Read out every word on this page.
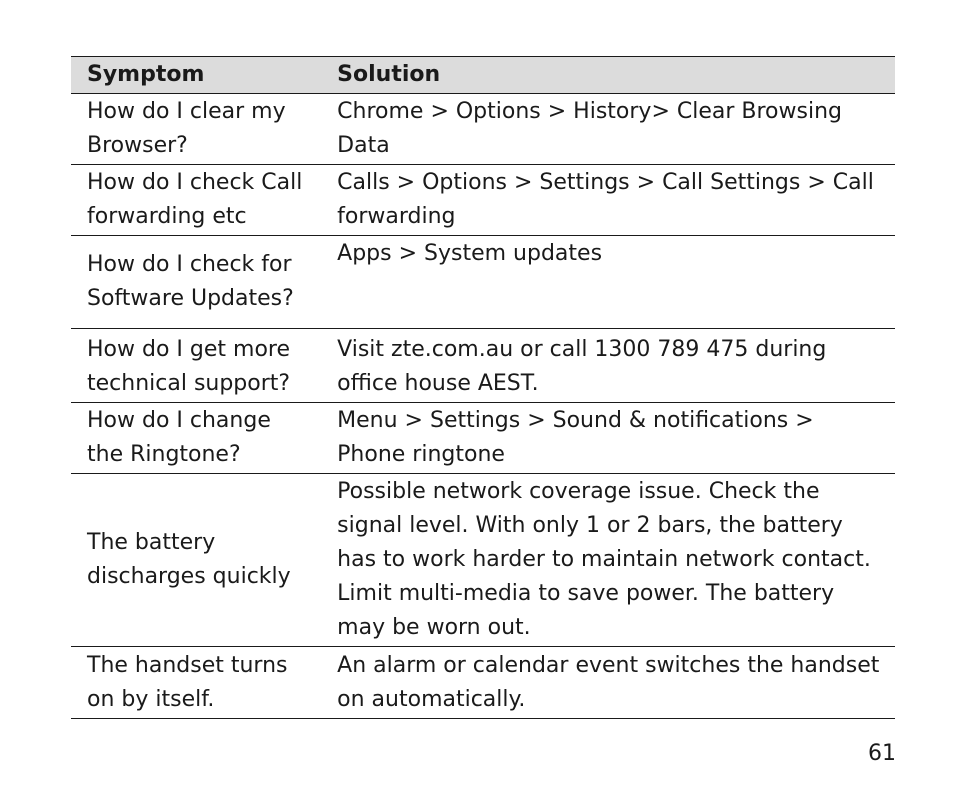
Symptom	Solution
How do I clear my Browser?	Chrome > Options > History> Clear Browsing Data
How do I check Call forwarding etc	Calls > Options > Settings > Call Settings > Call forwarding
How do I check for Software Updates?	Apps > System updates
How do I get more technical support?	Visit zte.com.au or call 1300 789 475 during office house AEST.
How do I change the Ringtone?	Menu > Settings > Sound & notifications > Phone ringtone
The battery discharges quickly	Possible network coverage issue. Check the signal level. With only 1 or 2 bars, the battery has to work harder to maintain network contact. Limit multi-media to save power. The battery may be worn out.
The handset turns on by itself.	An alarm or calendar event switches the handset on automatically.
61
